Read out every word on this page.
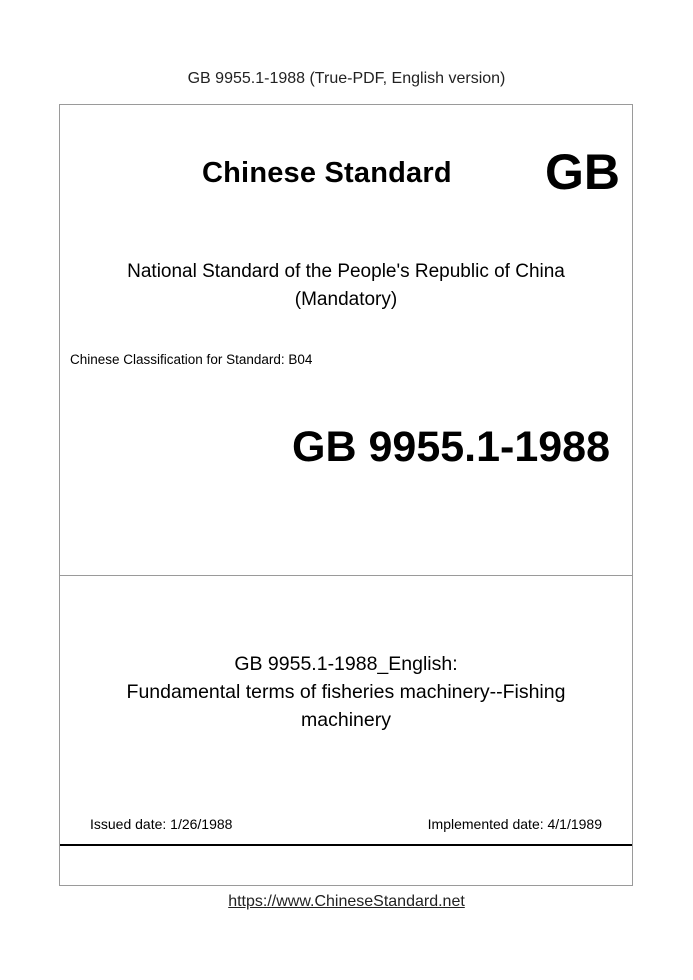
GB 9955.1-1988 (True-PDF, English version)
Chinese Standard GB
National Standard of the People's Republic of China
(Mandatory)
Chinese Classification for Standard: B04
GB 9955.1-1988
GB 9955.1-1988_English:
Fundamental terms of fisheries machinery--Fishing
machinery
Issued date: 1/26/1988	Implemented date: 4/1/1989
https://www.ChineseStandard.net
